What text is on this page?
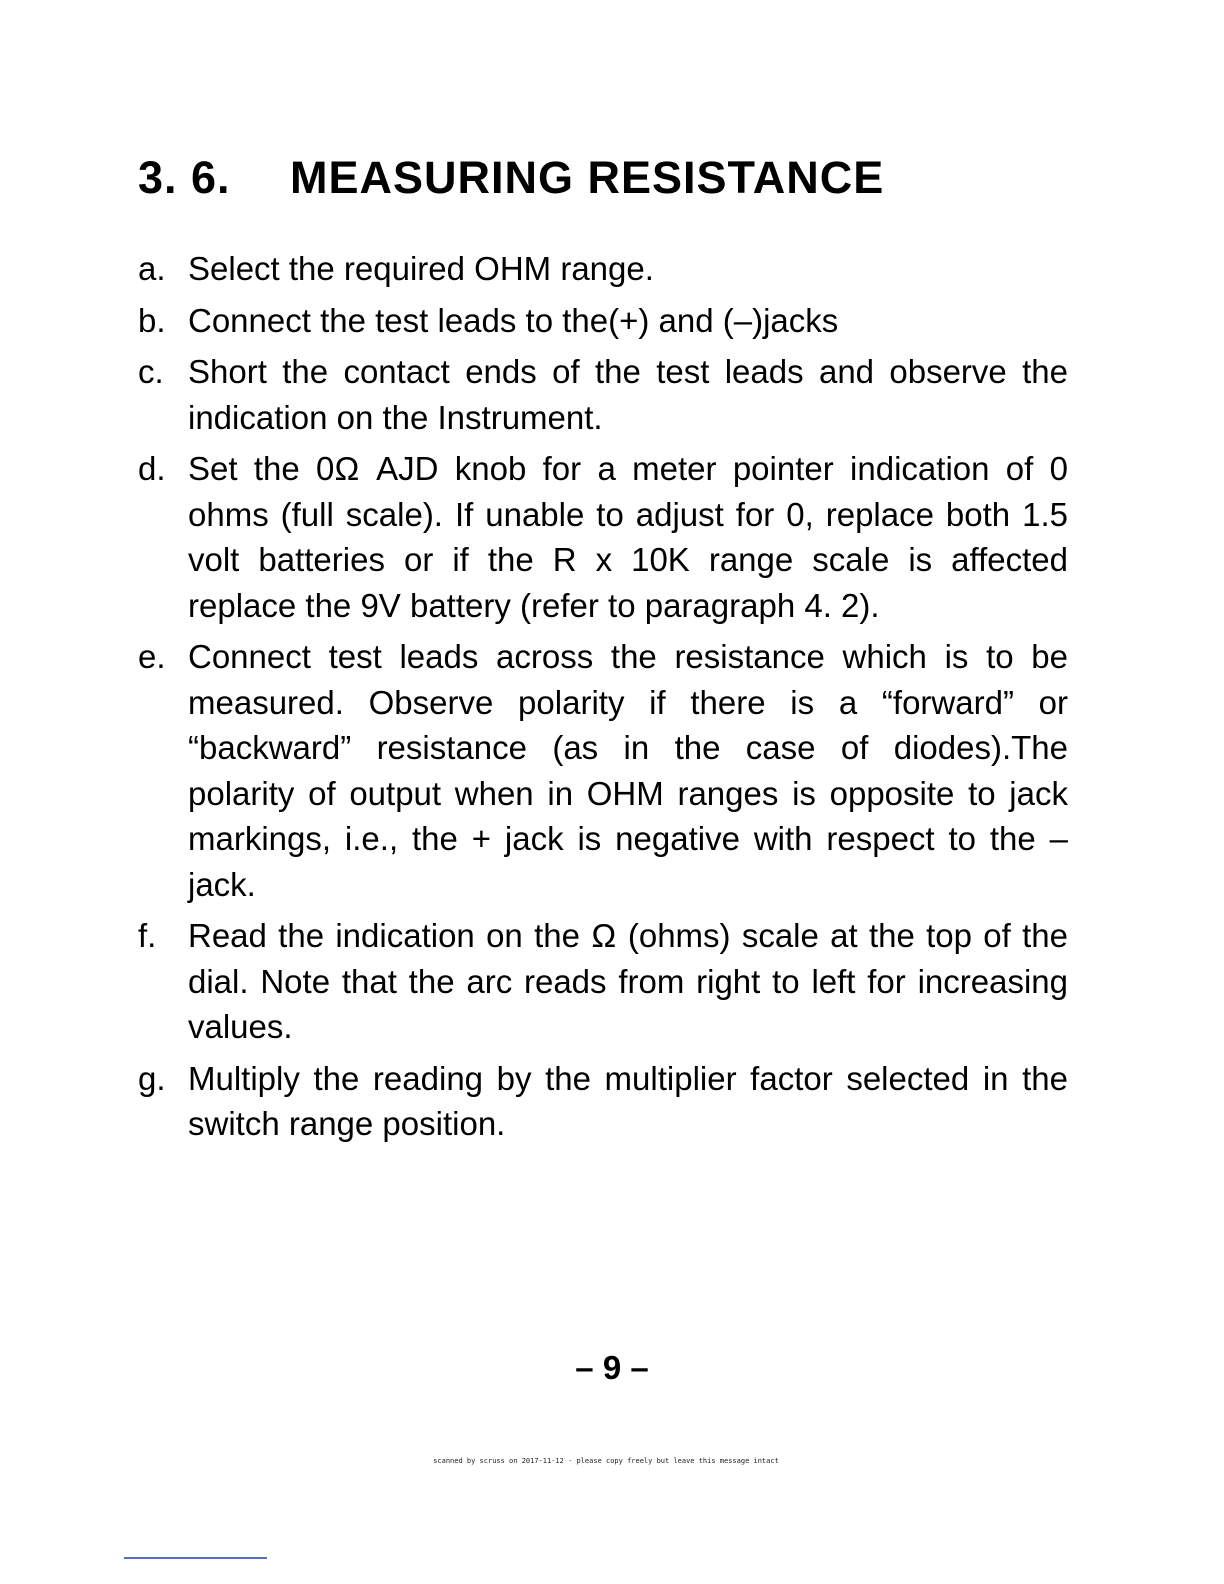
3. 6. MEASURING RESISTANCE
a. Select the required OHM range.
b. Connect the test leads to the(+) and (–)jacks
c. Short the contact ends of the test leads and observe the indication on the Instrument.
d. Set the 0Ω AJD knob for a meter pointer indication of 0 ohms (full scale). If unable to adjust for 0, replace both 1.5 volt batteries or if the R x 10K range scale is affected replace the 9V battery (refer to paragraph 4. 2).
e. Connect test leads across the resistance which is to be measured. Observe polarity if there is a “forward” or “backward” resistance (as in the case of diodes).The polarity of output when in OHM ranges is opposite to jack markings, i.e., the + jack is negative with respect to the – jack.
f. Read the indication on the Ω (ohms) scale at the top of the dial. Note that the arc reads from right to left for increasing values.
g. Multiply the reading by the multiplier factor selected in the switch range position.
– 9 –
scanned by scruss on 2017-11-12 - please copy freely but leave this message intact
